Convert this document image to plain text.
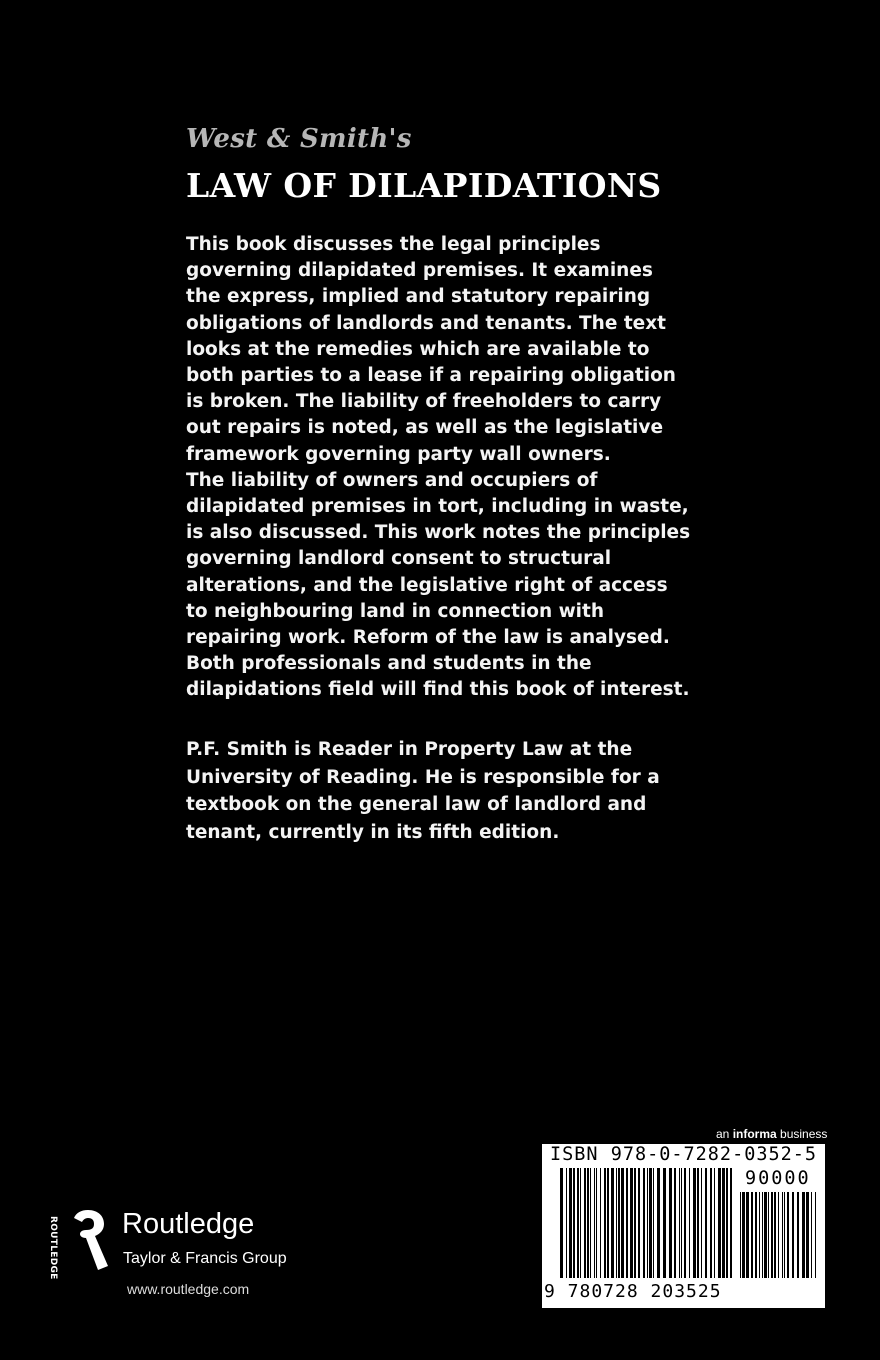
West & Smith's
LAW OF DILAPIDATIONS

This book discusses the legal principles
governing dilapidated premises. It examines
the express, implied and statutory repairing
obligations of landlords and tenants. The text
looks at the remedies which are available to
both parties to a lease if a repairing obligation
is broken. The liability of freeholders to carry
out repairs is noted, as well as the legislative
framework governing party wall owners.
The liability of owners and occupiers of
dilapidated premises in tort, including in waste,
is also discussed. This work notes the principles
governing landlord consent to structural
alterations, and the legislative right of access
to neighbouring land in connection with
repairing work. Reform of the law is analysed.
Both professionals and students in the
dilapidations field will find this book of interest.

P.F. Smith is Reader in Property Law at the
University of Reading. He is responsible for a
textbook on the general law of landlord and
tenant, currently in its fifth edition.

ROUTLEDGE Routledge
Taylor & Francis Group
www.routledge.com
an informa business
ISBN 978-0-7282-0352-5
90000
9 780728 203525
